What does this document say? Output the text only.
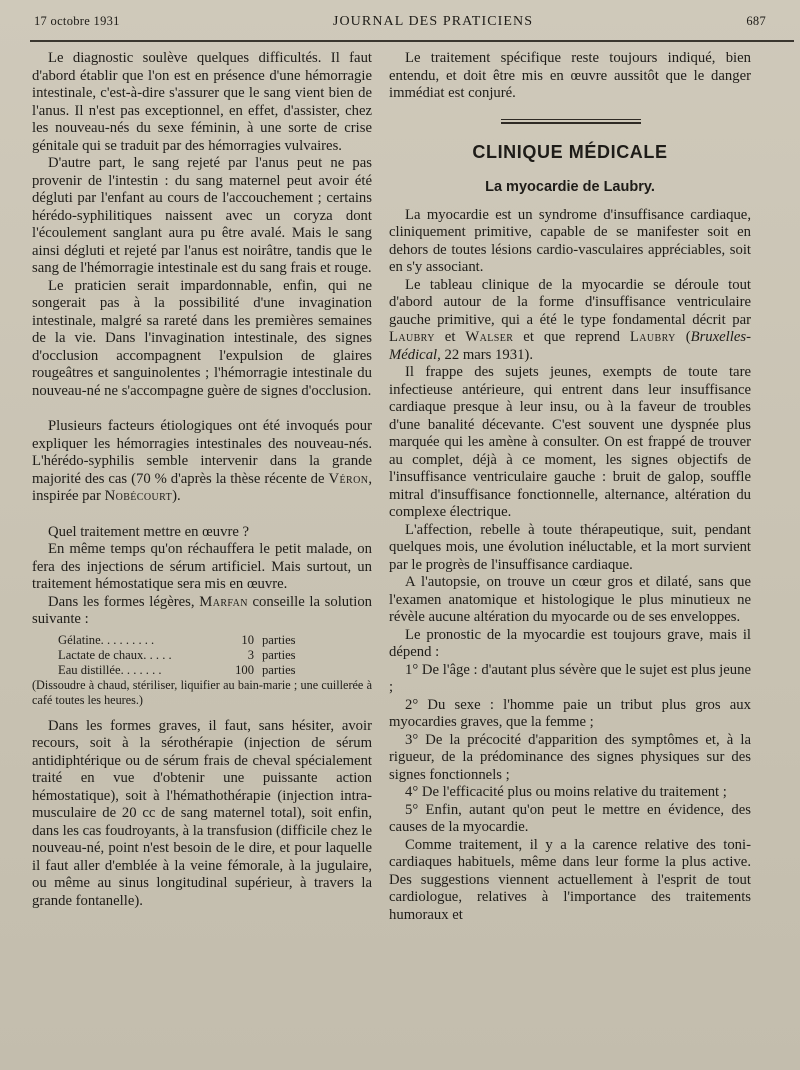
17 octobre 1931	JOURNAL DES PRATICIENS	687

Le diagnostic soulève quelques difficultés. Il faut d'abord établir que l'on est en présence d'une hémorragie intestinale, c'est-à-dire s'assurer que le sang vient bien de l'anus. Il n'est pas exceptionnel, en effet, d'assister, chez les nouveau-nés du sexe féminin, à une sorte de crise génitale qui se traduit par des hémorragies vulvaires.

D'autre part, le sang rejeté par l'anus peut ne pas provenir de l'intestin : du sang maternel peut avoir été dégluti par l'enfant au cours de l'accouchement ; certains hérédo-syphilitiques naissent avec un coryza dont l'écoulement sanglant aura pu être avalé. Mais le sang ainsi dégluti et rejeté par l'anus est noirâtre, tandis que le sang de l'hémorragie intestinale est du sang frais et rouge.

Le praticien serait impardonnable, enfin, qui ne songerait pas à la possibilité d'une invagination intestinale, malgré sa rareté dans les premières semaines de la vie. Dans l'invagination intestinale, des signes d'occlusion accompagnent l'expulsion de glaires rougeâtres et sanguinolentes ; l'hémorragie intestinale du nouveau-né ne s'accompagne guère de signes d'occlusion.

Plusieurs facteurs étiologiques ont été invoqués pour expliquer les hémorragies intestinales des nouveau-nés. L'hérédo-syphilis semble intervenir dans la grande majorité des cas (70 % d'après la thèse récente de Véron, inspirée par Nobécourt).

Quel traitement mettre en œuvre ?

En même temps qu'on réchauffera le petit malade, on fera des injections de sérum artificiel. Mais surtout, un traitement hémostatique sera mis en œuvre.

Dans les formes légères, Marfan conseille la solution suivante :

Gélatine. . . . . . . . .	10 parties
Lactate de chaux. . . . .	3 parties
Eau distillée. . . . . . .	100 parties

(Dissoudre à chaud, stériliser, liquifier au bain-marie ; une cuillerée à café toutes les heures.)

Dans les formes graves, il faut, sans hésiter, avoir recours, soit à la sérothérapie (injection de sérum antidiphtérique ou de sérum frais de cheval spécialement traité en vue d'obtenir une puissante action hémostatique), soit à l'hémathothérapie (injection intra-musculaire de 20 cc de sang maternel total), soit enfin, dans les cas foudroyants, à la transfusion (difficile chez le nouveau-né, point n'est besoin de le dire, et pour laquelle il faut aller d'emblée à la veine fémorale, à la jugulaire, ou même au sinus longitudinal supérieur, à travers la grande fontanelle).

Le traitement spécifique reste toujours indiqué, bien entendu, et doit être mis en œuvre aussitôt que le danger immédiat est conjuré.

CLINIQUE MÉDICALE
La myocardie de Laubry.

La myocardie est un syndrome d'insuffisance cardiaque, cliniquement primitive, capable de se manifester soit en dehors de toutes lésions cardio-vasculaires appréciables, soit en s'y associant.

Le tableau clinique de la myocardie se déroule tout d'abord autour de la forme d'insuffisance ventriculaire gauche primitive, qui a été le type fondamental décrit par Laubry et Walser et que reprend Laubry (Bruxelles-Médical, 22 mars 1931).

Il frappe des sujets jeunes, exempts de toute tare infectieuse antérieure, qui entrent dans leur insuffisance cardiaque presque à leur insu, ou à la faveur de troubles d'une banalité décevante. C'est souvent une dyspnée plus marquée qui les amène à consulter. On est frappé de trouver au complet, déjà à ce moment, les signes objectifs de l'insuffisance ventriculaire gauche : bruit de galop, souffle mitral d'insuffisance fonctionnelle, alternance, altération du complexe électrique.

L'affection, rebelle à toute thérapeutique, suit, pendant quelques mois, une évolution inéluctable, et la mort survient par le progrès de l'insuffisance cardiaque.

A l'autopsie, on trouve un cœur gros et dilaté, sans que l'examen anatomique et histologique le plus minutieux ne révèle aucune altération du myocarde ou de ses enveloppes.

Le pronostic de la myocardie est toujours grave, mais il dépend :

1° De l'âge : d'autant plus sévère que le sujet est plus jeune ;

2° Du sexe : l'homme paie un tribut plus gros aux myocardies graves, que la femme ;

3° De la précocité d'apparition des symptômes et, à la rigueur, de la prédominance des signes physiques sur des signes fonctionnels ;

4° De l'efficacité plus ou moins relative du traitement ;

5° Enfin, autant qu'on peut le mettre en évidence, des causes de la myocardie.

Comme traitement, il y a la carence relative des toni-cardiaques habituels, même dans leur forme la plus active. Des suggestions viennent actuellement à l'esprit de tout cardiologue, relatives à l'importance des traitements humoraux et
